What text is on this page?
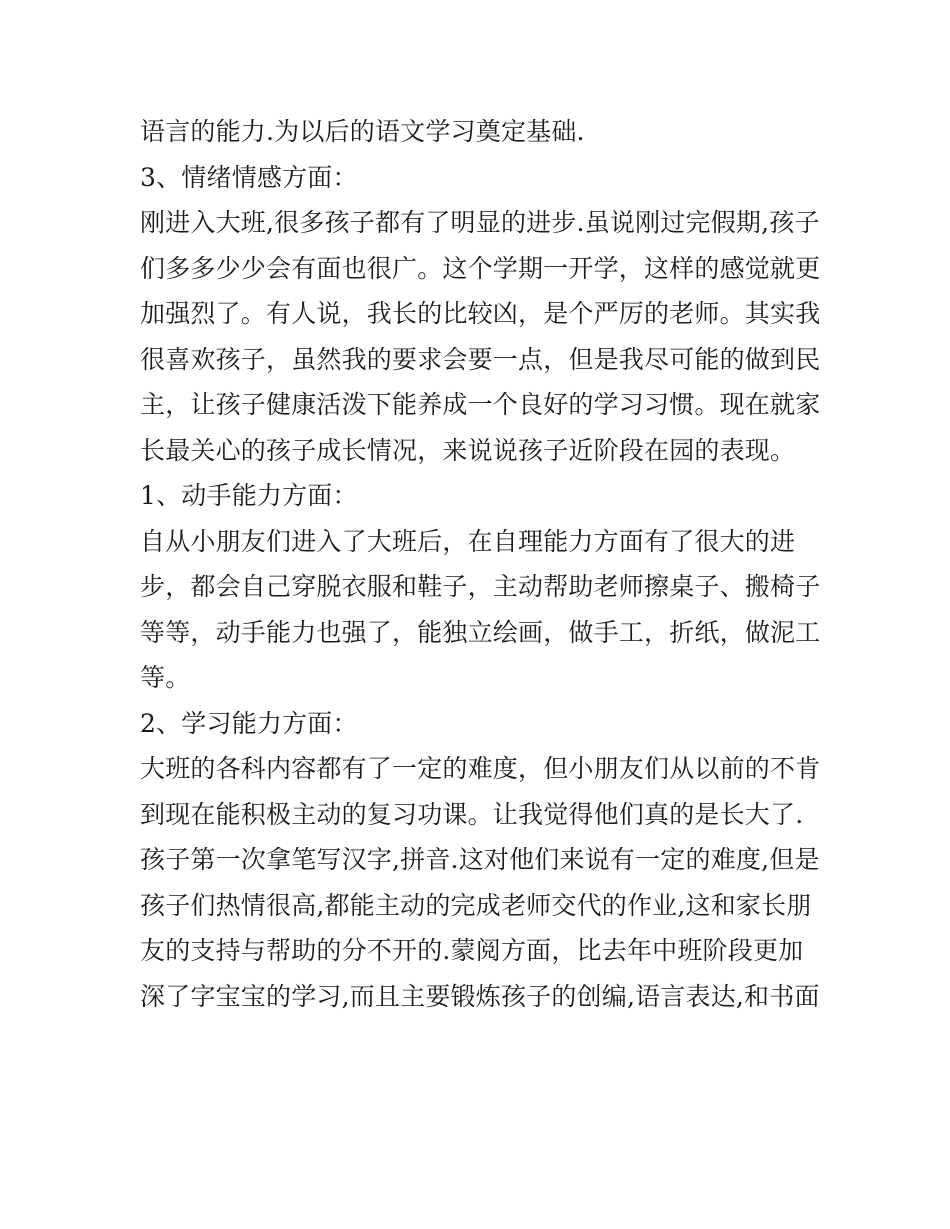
语言的能力.为以后的语文学习奠定基础.
3、情绪情感方面：
刚进入大班,很多孩子都有了明显的进步.虽说刚过完假期,孩子
们多多少少会有面也很广。这个学期一开学，这样的感觉就更
加强烈了。有人说，我长的比较凶，是个严厉的老师。其实我
很喜欢孩子，虽然我的要求会要一点，但是我尽可能的做到民
主，让孩子健康活泼下能养成一个良好的学习习惯。现在就家
长最关心的孩子成长情况，来说说孩子近阶段在园的表现。
1、动手能力方面：
自从小朋友们进入了大班后，在自理能力方面有了很大的进
步，都会自己穿脱衣服和鞋子，主动帮助老师擦桌子、搬椅子
等等，动手能力也强了，能独立绘画，做手工，折纸，做泥工
等。
2、学习能力方面：
大班的各科内容都有了一定的难度，但小朋友们从以前的不肯
到现在能积极主动的复习功课。让我觉得他们真的是长大了.
孩子第一次拿笔写汉字,拼音.这对他们来说有一定的难度,但是
孩子们热情很高,都能主动的完成老师交代的作业,这和家长朋
友的支持与帮助的分不开的.蒙阅方面，比去年中班阶段更加
深了字宝宝的学习,而且主要锻炼孩子的创编,语言表达,和书面
